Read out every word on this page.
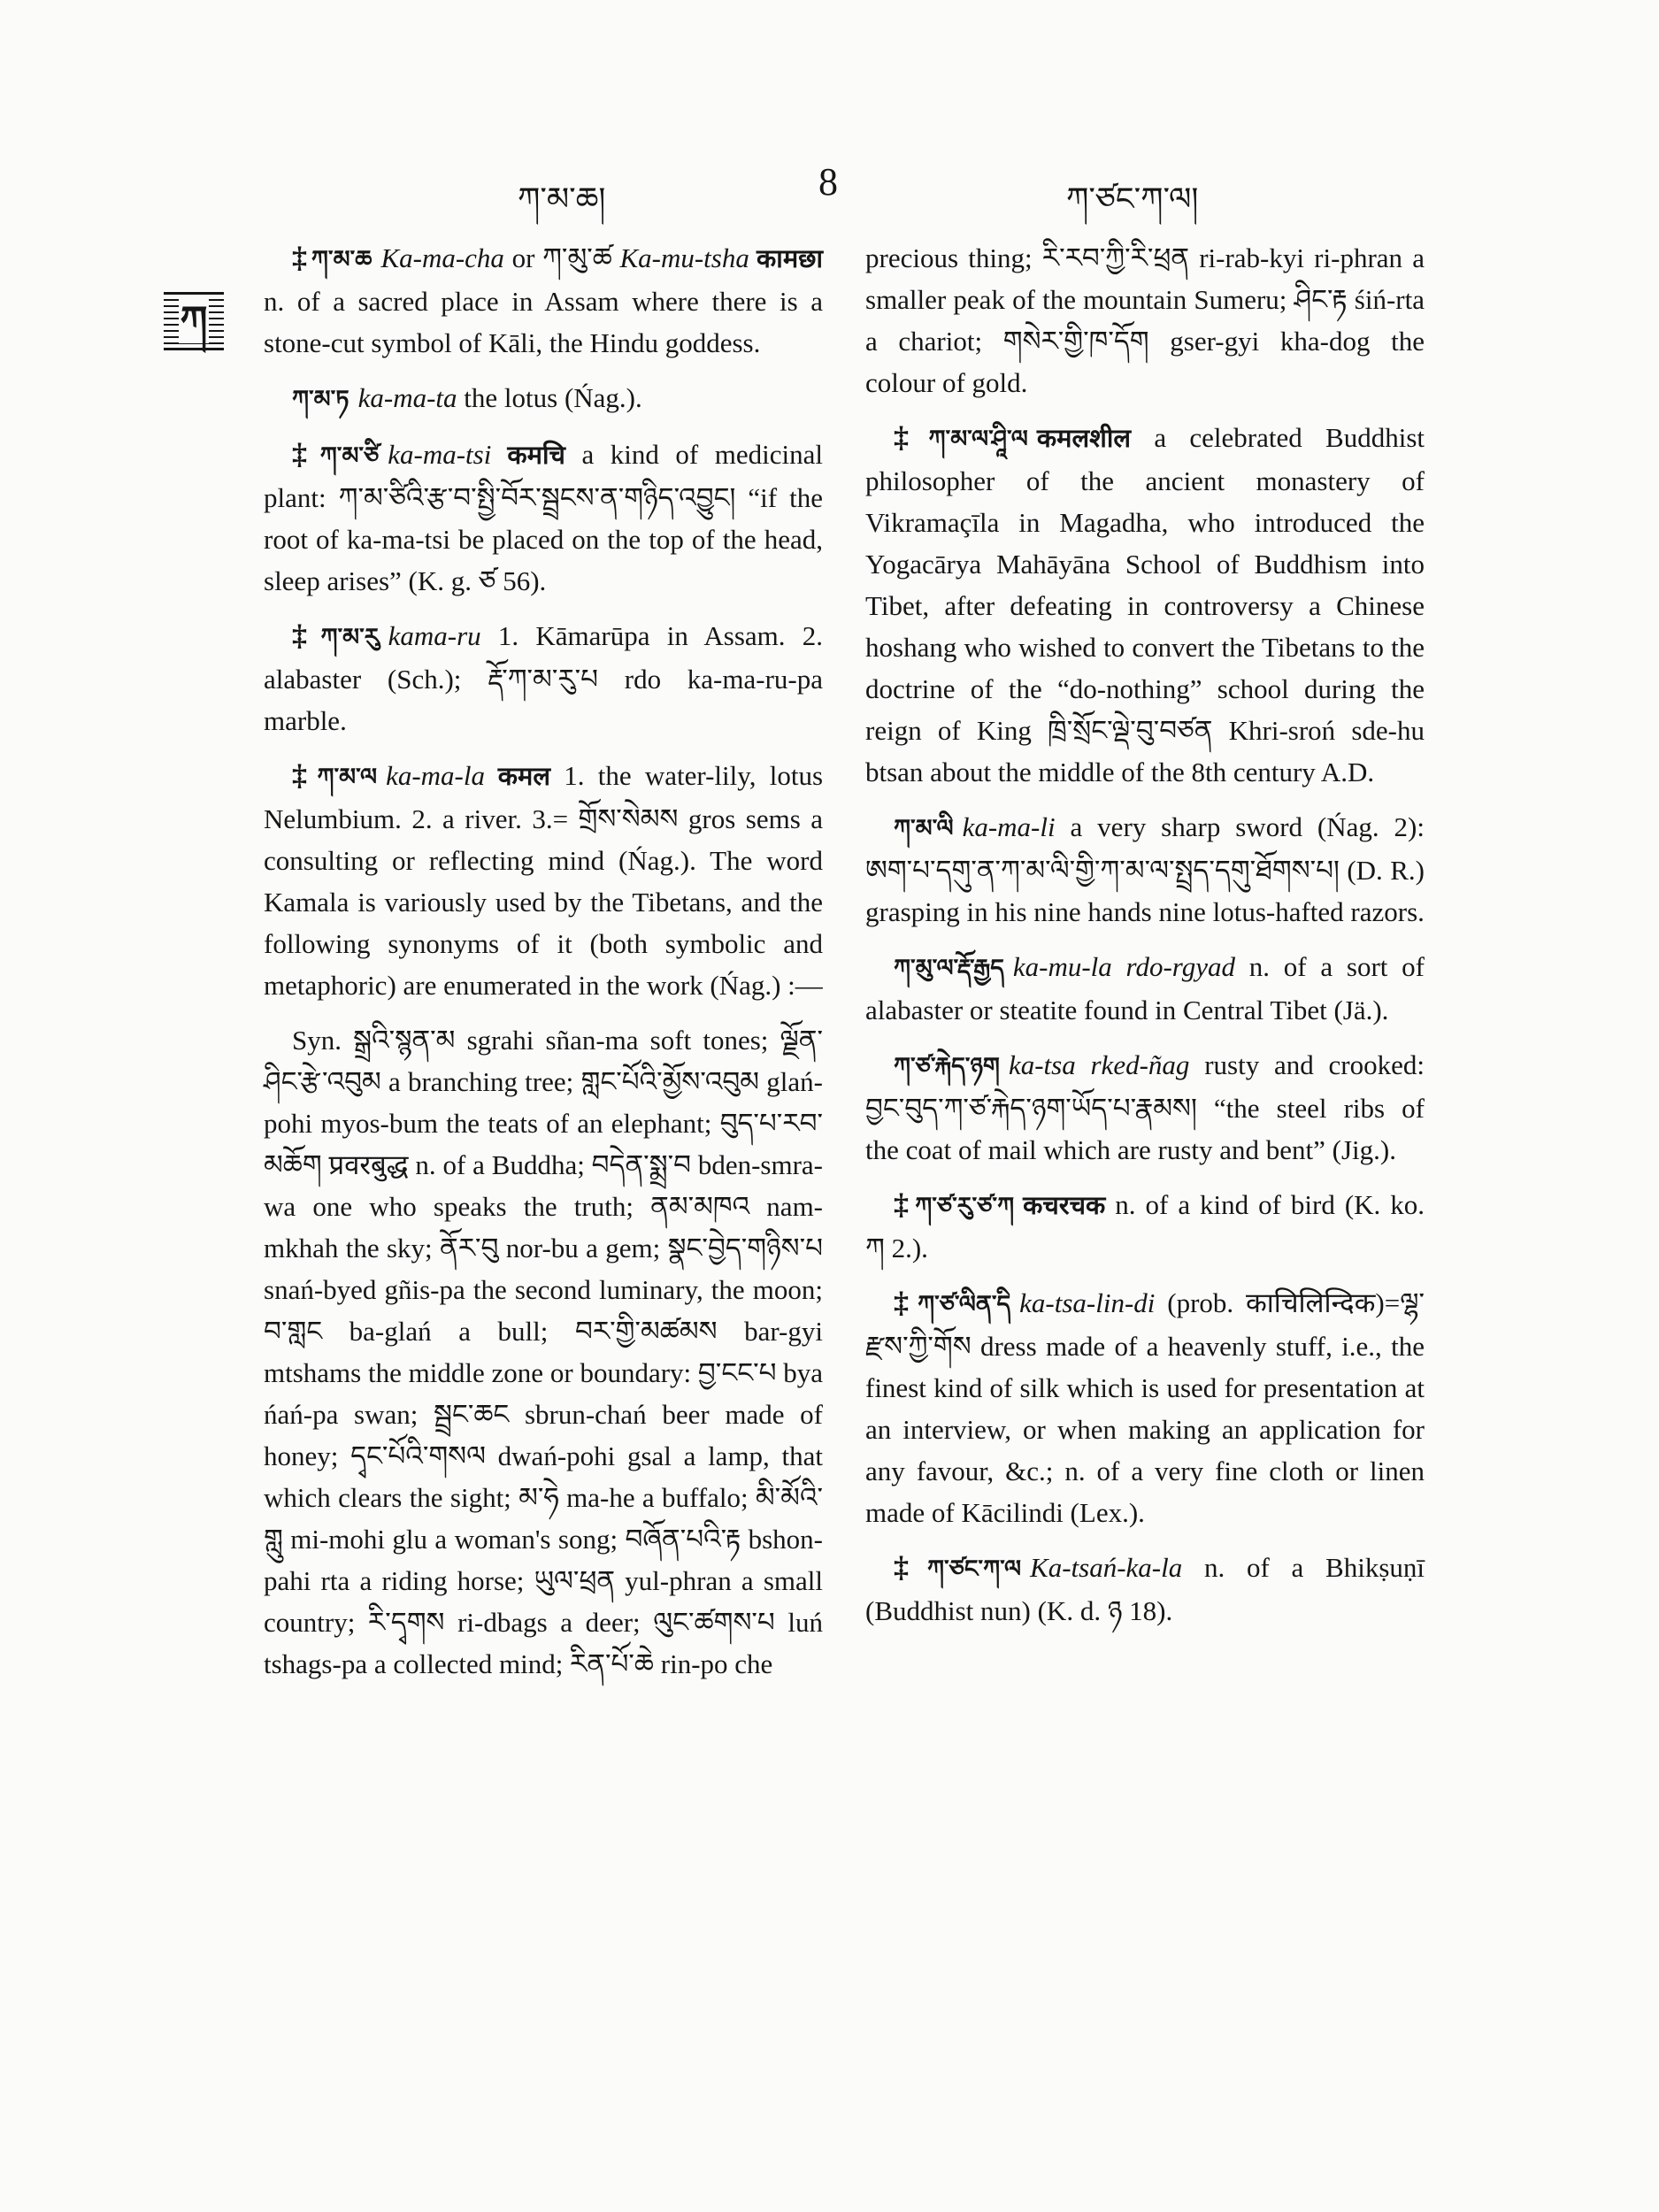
ཀ་མ་ཆ།	8	ཀ་ཙང་ཀ་ལ།
ཀ

‡ ཀ་མ་ཆ Ka-ma-cha or ཀ་མུ་ཚ Ka-mu-tsha कामछा n. of a sacred place in Assam where there is a stone-cut symbol of Kāli, the Hindu goddess.

ཀ་མ་ཏ ka-ma-ta the lotus (Ńag.).

‡ ཀ་མ་ཙི ka-ma-tsi कमचि a kind of medicinal plant: ཀ་མ་ཙིའི་རྩ་བ་སྤྱི་བོར་སྦྲངས་ན་གཉིད་འབྱུང། “if the root of ka-ma-tsi be placed on the top of the head, sleep arises” (K. g. ཙ 56).

‡ ཀ་མ་རུ kama-ru 1. Kāmarūpa in Assam. 2. alabaster (Sch.); རྡོ་ཀ་མ་རུ་པ rdo ka-ma-ru-pa marble.

‡ ཀ་མ་ལ ka-ma-la कमल 1. the water-lily, lotus Nelumbium. 2. a river. 3.= གྲོས་སེམས gros sems a consulting or reflecting mind (Ńag.). The word Kamala is variously used by the Tibetans, and the following synonyms of it (both symbolic and metaphoric) are enumerated in the work (Ńag.) :—

Syn. སྒྲའི་སྙན་མ sgrahi sñan-ma soft tones; ལྗོན་ཤིང་རྩེ་འབུམ a branching tree; གླང་པོའི་མྱོས་འབུམ glań-pohi myos-bum the teats of an elephant; བུད་པ་རབ་མཆོག प्रवरबुद्ध n. of a Buddha; བདེན་སྨྲ་བ bden-smra-wa one who speaks the truth; ནམ་མཁའ nam-mkhah the sky; ནོར་བུ nor-bu a gem; སྣང་བྱེད་གཉིས་པ snań-byed gñis-pa the second luminary, the moon; བ་གླང ba-glań a bull; བར་གྱི་མཚམས bar-gyi mtshams the middle zone or boundary: བྱ་ངང་པ bya ńań-pa swan; སྦྲང་ཆང sbrun-chań beer made of honey; དྭང་པོའི་གསལ dwań-pohi gsal a lamp, that which clears the sight; མ་ཧེ ma-he a buffalo; མི་མོའི་གླུ mi-mohi glu a woman's song; བཞོན་པའི་རྟ bshon-pahi rta a riding horse; ཡུལ་ཕྲན yul-phran a small country; རི་དྭགས ri-dbags a deer; ལུང་ཚགས་པ luń tshags-pa a collected mind; རིན་པོ་ཆེ rin-po che

precious thing; རི་རབ་ཀྱི་རི་ཕྲན ri-rab-kyi ri-phran a smaller peak of the mountain Sumeru; ཤིང་རྟ śiń-rta a chariot; གསེར་གྱི་ཁ་དོག gser-gyi kha-dog the colour of gold.

‡ ཀ་མ་ལ་ཤཱི་ལ कमलशील a celebrated Buddhist philosopher of the ancient monastery of Vikramaçīla in Magadha, who introduced the Yogacārya Mahāyāna School of Buddhism into Tibet, after defeating in controversy a Chinese hoshang who wished to convert the Tibetans to the doctrine of the “do-nothing” school during the reign of King ཁྲི་སྲོང་ལྡེ་བུ་བཙན Khri-sroń sde-hu btsan about the middle of the 8th century A.D.

ཀ་མ་ལི ka-ma-li a very sharp sword (Ńag. 2): ཨག་པ་དགུ་ན་ཀ་མ་ལི་གྱི་ཀ་མ་ལ་སྤྲད་དགུ་ཐོགས་པ། (D. R.) grasping in his nine hands nine lotus-hafted razors.

ཀ་མུ་ལ་རྡོ་རྒྱད ka-mu-la rdo-rgyad n. of a sort of alabaster or steatite found in Central Tibet (Jä.).

ཀ་ཙ་རྐེད་ཉག ka-tsa rked-ñag rusty and crooked: བྱང་བུད་ཀ་ཙ་རྐེད་ཉག་ཡོད་པ་རྣམས། “the steel ribs of the coat of mail which are rusty and bent” (Jig.).

‡ ཀ་ཙ་རུ་ཙ་ཀ कचरचक n. of a kind of bird (K. ko. ཀ 2.).

‡ ཀ་ཙ་ལིན་དི ka-tsa-lin-di (prob. काचिलिन्दिक)=ལྷ་རྫས་ཀྱི་གོས dress made of a heavenly stuff, i.e., the finest kind of silk which is used for presentation at an interview, or when making an application for any favour, &c.; n. of a very fine cloth or linen made of Kācilindi (Lex.).

‡ ཀ་ཙང་ཀ་ལ Ka-tsań-ka-la n. of a Bhikṣuṇī (Buddhist nun) (K. d. ཉ 18).
